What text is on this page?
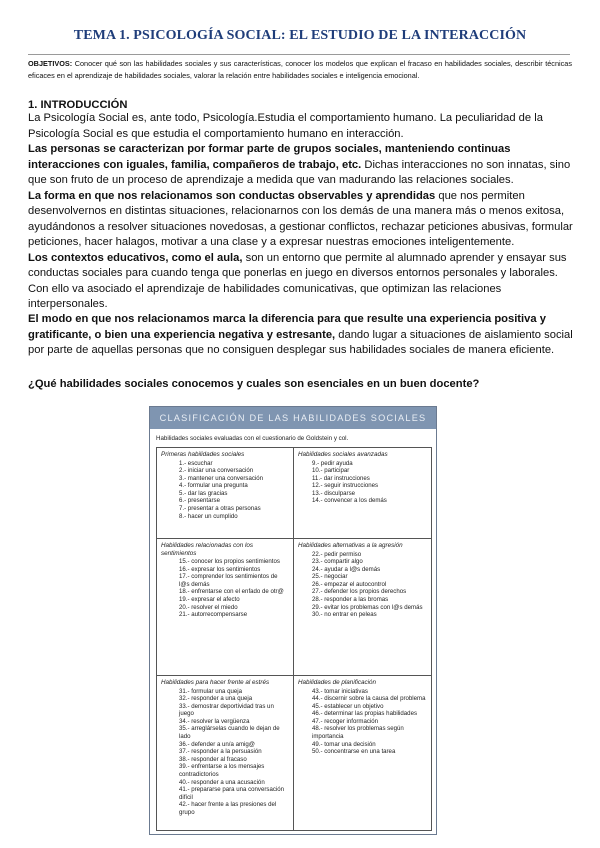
TEMA 1. PSICOLOGÍA SOCIAL: EL ESTUDIO DE LA INTERACCIÓN
OBJETIVOS: Conocer qué son las habilidades sociales y sus características, conocer los modelos que explican el fracaso en habilidades sociales, describir técnicas eficaces en el aprendizaje de habilidades sociales, valorar la relación entre habilidades sociales e inteligencia emocional.
1. INTRODUCCIÓN
La Psicología Social es, ante todo, Psicología.Estudia el comportamiento humano. La peculiaridad de la Psicología Social es que estudia el comportamiento humano en interacción.
Las personas se caracterizan por formar parte de grupos sociales, manteniendo continuas interacciones con iguales, familia, compañeros de trabajo, etc. Dichas interacciones no son innatas, sino que son fruto de un proceso de aprendizaje a medida que van madurando las relaciones sociales.
La forma en que nos relacionamos son conductas observables y aprendidas que nos permiten desenvolvernos en distintas situaciones, relacionarnos con los demás de una manera más o menos exitosa, ayudándonos a resolver situaciones novedosas, a gestionar conflictos, rechazar peticiones abusivas, formular peticiones, hacer halagos, motivar a una clase y a expresar nuestras emociones inteligentemente.
Los contextos educativos, como el aula, son un entorno que permite al alumnado aprender y ensayar sus conductas sociales para cuando tenga que ponerlas en juego en diversos entornos personales y laborales. Con ello va asociado el aprendizaje de habilidades comunicativas, que optimizan las relaciones interpersonales.
El modo en que nos relacionamos marca la diferencia para que resulte una experiencia positiva y gratificante, o bien una experiencia negativa y estresante, dando lugar a situaciones de aislamiento social por parte de aquellas personas que no consiguen desplegar sus habilidades sociales de manera eficiente.
¿Qué habilidades sociales conocemos y cuales son esenciales en un buen docente?
CLASIFICACIÓN DE LAS HABILIDADES SOCIALES
Habilidades sociales evaluadas con el cuestionario de Goldstein y col.
Primeras habilidades sociales
1.- escuchar
2.- iniciar una conversación
3.- mantener una conversación
4.- formular una pregunta
5.- dar las gracias
6.- presentarse
7.- presentar a otras personas
8.- hacer un cumplido
Habilidades sociales avanzadas
9.- pedir ayuda
10.- participar
11.- dar instrucciones
12.- seguir instrucciones
13.- disculparse
14.- convencer a los demás
Habilidades relacionadas con los sentimientos
15.- conocer los propios sentimientos
16.- expresar los sentimientos
17.- comprender los sentimientos de l@s demás
18.- enfrentarse con el enfado de otr@
19.- expresar el afecto
20.- resolver el miedo
21.- autorrecompensarse
Habilidades alternativas a la agresión
22.- pedir permiso
23.- compartir algo
24.- ayudar a l@s demás
25.- negociar
26.- empezar el autocontrol
27.- defender los propios derechos
28.- responder a las bromas
29.- evitar los problemas con l@s demás
30.- no entrar en peleas
Habilidades para hacer frente al estrés
31.- formular una queja
32.- responder a una queja
33.- demostrar deportividad tras un juego
34.- resolver la vergüenza
35.- arreglárselas cuando le dejan de lado
36.- defender a un/a amig@
37.- responder a la persuasión
38.- responder al fracaso
39.- enfrentarse a los mensajes contradictorios
40.- responder a una acusación
41.- prepararse para una conversación difícil
42.- hacer frente a las presiones del grupo
Habilidades de planificación
43.- tomar iniciativas
44.- discernir sobre la causa del problema
45.- establecer un objetivo
46.- determinar las propias habilidades
47.- recoger información
48.- resolver los problemas según importancia
49.- tomar una decisión
50.- concentrarse en una tarea
